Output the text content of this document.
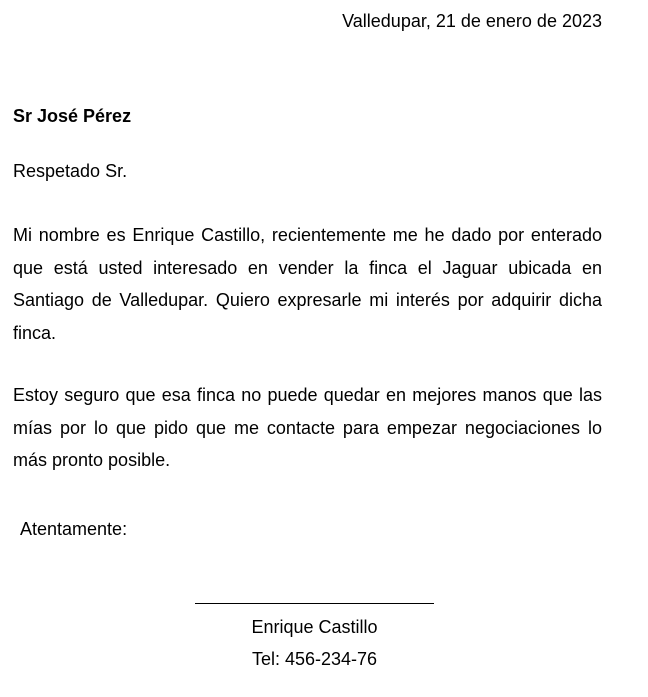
Valledupar, 21 de enero de 2023
Sr José Pérez
Respetado Sr.

Mi nombre es Enrique Castillo, recientemente me he dado por enterado que está usted interesado en vender la finca el Jaguar ubicada en Santiago de Valledupar. Quiero expresarle mi interés por adquirir dicha finca.

Estoy seguro que esa finca no puede quedar en mejores manos que las mías por lo que pido que me contacte para empezar negociaciones lo más pronto posible.

Atentamente:
Enrique Castillo
Tel: 456-234-76
